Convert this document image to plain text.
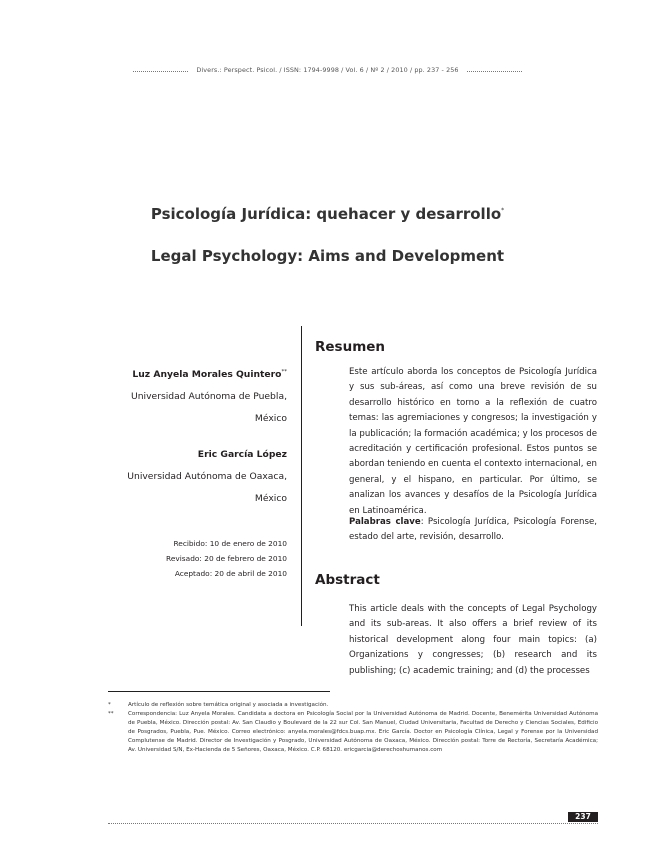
Divers.: Perspect. Psicol. / ISSN: 1794-9998 / Vol. 6 / Nº 2 / 2010 / pp. 237 - 256
Psicología Jurídica: quehacer y desarrollo*
Legal Psychology: Aims and Development
Luz Anyela Morales Quintero**
Universidad Autónoma de Puebla,
México
Eric García López
Universidad Autónoma de Oaxaca,
México
Recibido: 10 de enero de 2010
Revisado: 20 de febrero de 2010
Aceptado: 20 de abril de 2010
Resumen
Este artículo aborda los conceptos de Psicología Jurídica y sus sub-áreas, así como una breve revisión de su desarrollo histórico en torno a la reflexión de cuatro temas: las agremiaciones y congresos; la investigación y la publicación; la formación académica; y los procesos de acreditación y certificación profesional. Estos puntos se abordan teniendo en cuenta el contexto internacional, en general, y el hispano, en particular. Por último, se analizan los avances y desafíos de la Psicología Jurídica en Latinoamérica.
Palabras clave: Psicología Jurídica, Psicología Forense, estado del arte, revisión, desarrollo.
Abstract
This article deals with the concepts of Legal Psychology and its sub-areas. It also offers a brief review of its historical development along four main topics: (a) Organizations y congresses; (b) research and its publishing; (c) academic training; and (d) the processes
*	Artículo de reflexión sobre temática original y asociada a investigación.
**	Correspondencia: Luz Anyela Morales. Candidata a doctora en Psicología Social por la Universidad Autónoma de Madrid. Docente, Benemérita Universidad Autónoma de Puebla, México. Dirección postal: Av. San Claudio y Boulevard de la 22 sur Col. San Manuel, Ciudad Universitaria, Facultad de Derecho y Ciencias Sociales, Edificio de Posgrados, Puebla, Pue. México. Correo electrónico: anyela.morales@fdcs.buap.mx. Eric García. Doctor en Psicología Clínica, Legal y Forense por la Universidad Complutense de Madrid. Director de Investigación y Posgrado, Universidad Autónoma de Oaxaca, México. Dirección postal: Torre de Rectoría, Secretaría Académica; Av. Universidad S/N, Ex-Hacienda de 5 Señores, Oaxaca, México. C.P. 68120. ericgarcia@derechoshumanos.com
237
